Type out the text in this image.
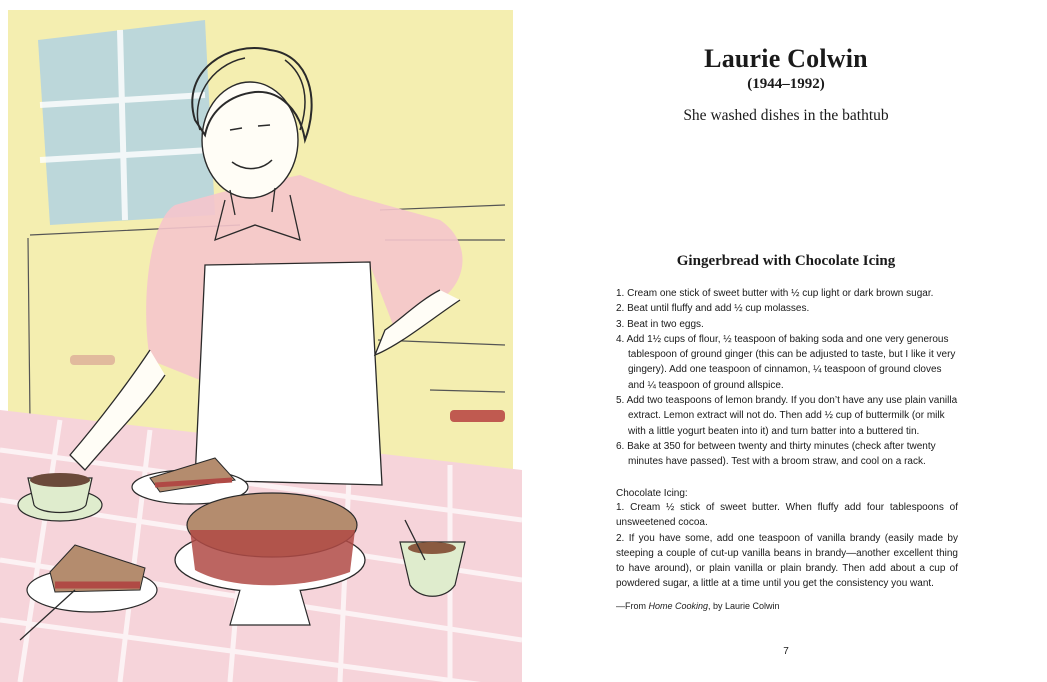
Laurie Colwin
(1944–1992)
She washed dishes in the bathtub
Gingerbread with Chocolate Icing
1. Cream one stick of sweet butter with ½ cup light or dark brown sugar.
2. Beat until fluffy and add ½ cup molasses.
3. Beat in two eggs.
4. Add 1½ cups of flour, ½ teaspoon of baking soda and one very generous tablespoon of ground ginger (this can be adjusted to taste, but I like it very gingery). Add one teaspoon of cinnamon, ¼ teaspoon of ground cloves and ¼ teaspoon of ground allspice.
5. Add two teaspoons of lemon brandy. If you don’t have any use plain vanilla extract. Lemon extract will not do. Then add ½ cup of buttermilk (or milk with a little yogurt beaten into it) and turn batter into a buttered tin.
6. Bake at 350 for between twenty and thirty minutes (check after twenty minutes have passed). Test with a broom straw, and cool on a rack.
Chocolate Icing:
1. Cream ½ stick of sweet butter. When fluffy add four tablespoons of unsweetened cocoa.
2. If you have some, add one teaspoon of vanilla brandy (easily made by steeping a couple of cut-up vanilla beans in brandy—another excellent thing to have around), or plain vanilla or plain brandy. Then add about a cup of powdered sugar, a little at a time until you get the consistency you want.
—From Home Cooking, by Laurie Colwin
7
